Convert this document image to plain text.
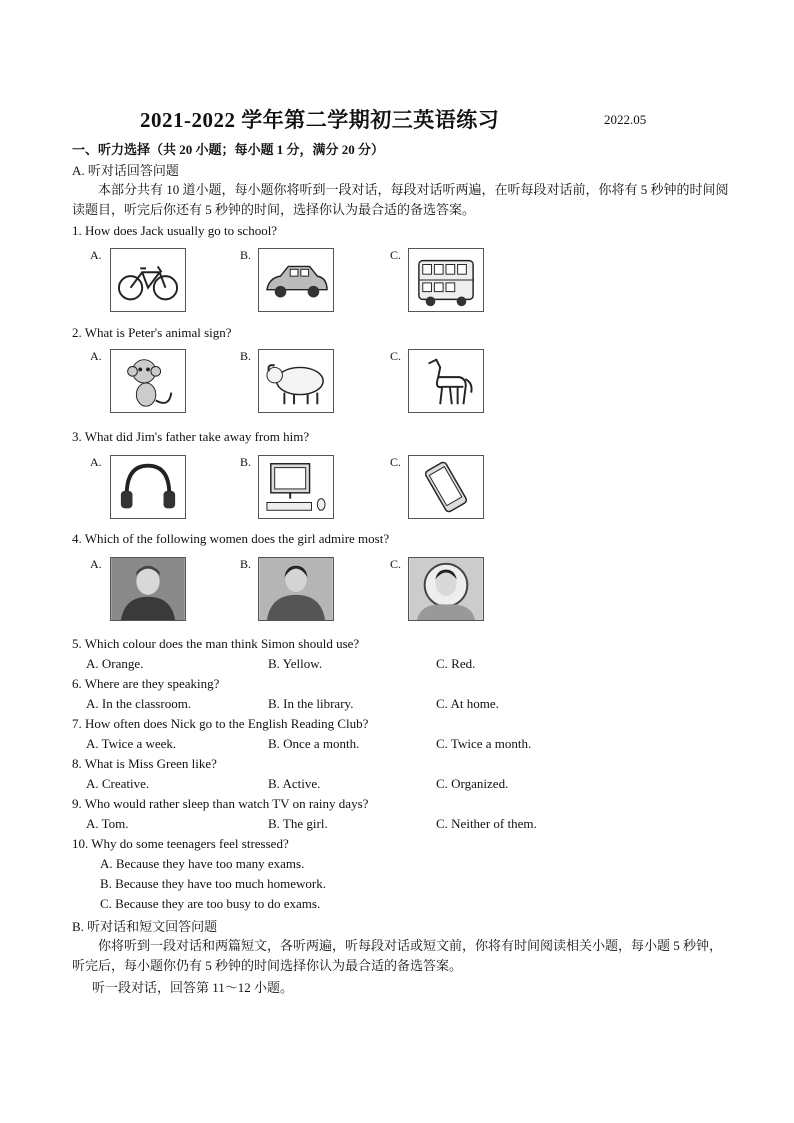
2021-2022 学年第二学期初三英语练习	2022.05
一、听力选择（共 20 小题；每小题 1 分，满分 20 分）
A. 听对话回答问题
本部分共有 10 道小题，每小题你将听到一段对话，每段对话听两遍，在听每段对话前，你将有 5 秒钟的时间阅读题目，听完后你还有 5 秒钟的时间，选择你认为最合适的备选答案。
1. How does Jack usually go to school?
A.	B.	C.
2. What is Peter's animal sign?
A.	B.	C.
3. What did Jim's father take away from him?
A.	B.	C.
4. Which of the following women does the girl admire most?
A.	B.	C.
5. Which colour does the man think Simon should use?
A. Orange.	B. Yellow.	C. Red.
6. Where are they speaking?
A. In the classroom.	B. In the library.	C. At home.
7. How often does Nick go to the English Reading Club?
A. Twice a week.	B. Once a month.	C. Twice a month.
8. What is Miss Green like?
A. Creative.	B. Active.	C. Organized.
9. Who would rather sleep than watch TV on rainy days?
A. Tom.	B. The girl.	C. Neither of them.
10. Why do some teenagers feel stressed?
A. Because they have too many exams.
B. Because they have too much homework.
C. Because they are too busy to do exams.
B. 听对话和短文回答问题
你将听到一段对话和两篇短文，各听两遍，听每段对话或短文前，你将有时间阅读相关小题，每小题 5 秒钟，听完后，每小题你仍有 5 秒钟的时间选择你认为最合适的备选答案。
听一段对话，回答第 11～12 小题。
